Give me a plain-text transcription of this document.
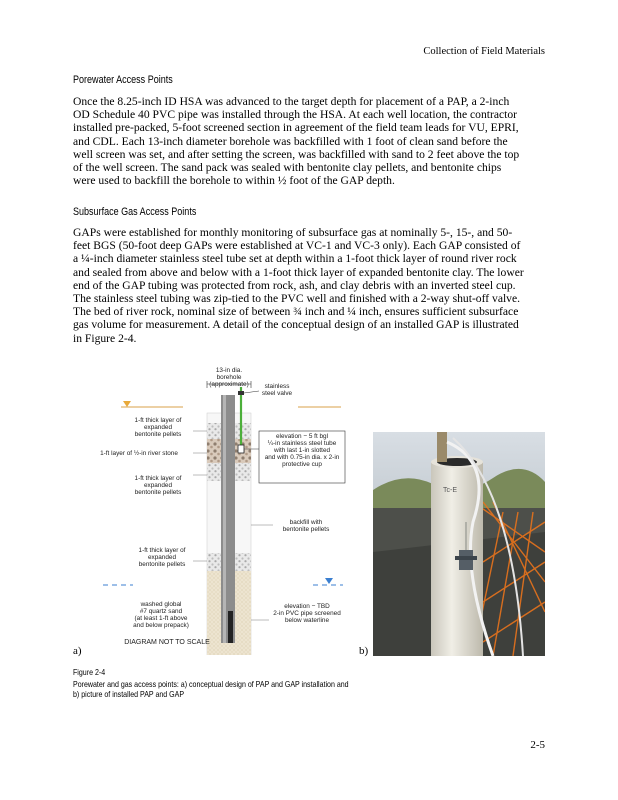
Collection of Field Materials
Porewater Access Points

Once the 8.25-inch ID HSA was advanced to the target depth for placement of a PAP, a 2-inch

OD Schedule 40 PVC pipe was installed through the HSA. At each well location, the contractor

installed pre-packed, 5-foot screened section in agreement of the field team leads for VU, EPRI,

and CDL. Each 13-inch diameter borehole was backfilled with 1 foot of clean sand before the

well screen was set, and after setting the screen, was backfilled with sand to 2 feet above the top

of the well screen. The sand pack was sealed with bentonite clay pellets, and bentonite chips

were used to backfill the borehole to within ½ foot of the GAP depth.

Subsurface Gas Access Points

GAPs were established for monthly monitoring of subsurface gas at nominally 5-, 15-, and 50-

feet BGS (50-foot deep GAPs were established at VC-1 and VC-3 only). Each GAP consisted of

a ¼-inch diameter stainless steel tube set at depth within a 1-foot thick layer of round river rock

and sealed from above and below with a 1-foot thick layer of expanded bentonite clay. The lower

end of the GAP tubing was protected from rock, ash, and clay debris with an inverted steel cup.

The stainless steel tubing was zip-tied to the PVC well and finished with a 2-way shut-off valve.

The bed of river rock, nominal size of between ¾ inch and ¼ inch, ensures sufficient subsurface

gas volume for measurement. A detail of the conceptual design of an installed GAP is illustrated

in Figure 2-4.

13-in dia.
borehole
(approximate)	stainless
steel valve
1-ft thick layer of
expanded
bentonite pellets
1-ft layer of ½-in river stone
1-ft thick layer of
expanded
bentonite pellets
elevation − 5 ft bgl
¼-in stainless steel tube
with last 1-in slotted
and with 0.75-in dia. x 2-in
protective cup
backfill with
bentonite pellets
1-ft thick layer of
expanded
bentonite pellets
washed global
#7 quartz sand
(at least 1-ft above
and below prepack)
elevation − TBD
2-in PVC pipe screened
below waterline
DIAGRAM NOT TO SCALE
a)	b)
Tc-E
Figure 2-4
Porewater and gas access points: a) conceptual design of PAP and GAP installation and
b) picture of installed PAP and GAP
2-5
